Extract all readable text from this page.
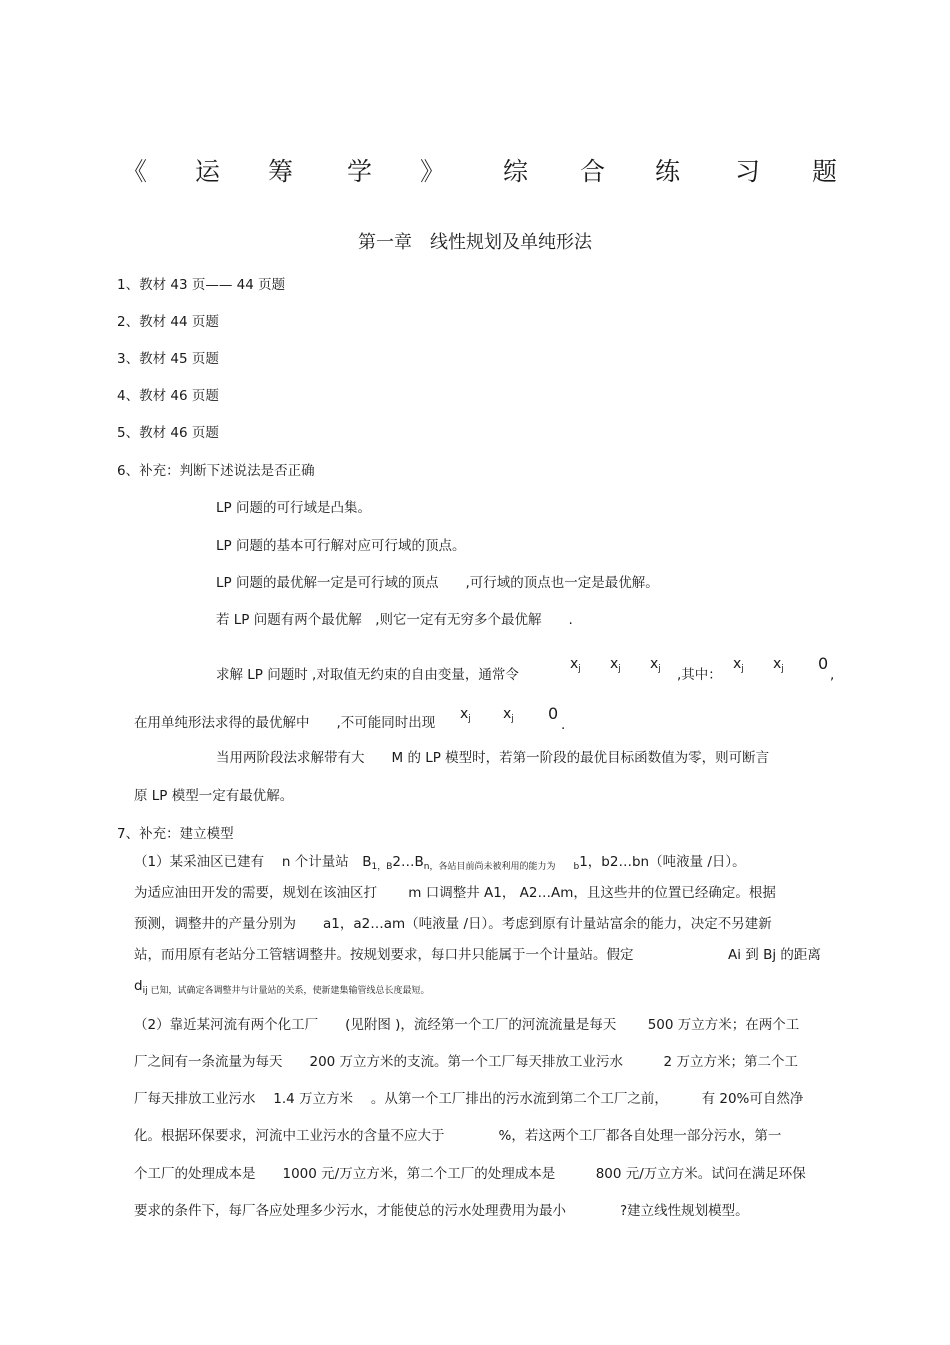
《 运 筹 学 》 综 合 练 习 题
第一章　线性规划及单纯形法
1、教材 43 页—— 44 页题
2、教材 44 页题
3、教材 45 页题
4、教材 46 页题
5、教材 46 页题
6、补充：判断下述说法是否正确
LP 问题的可行域是凸集。
LP 问题的基本可行解对应可行域的顶点。
LP 问题的最优解一定是可行域的顶点　　,可行域的顶点也一定是最优解。
若 LP 问题有两个最优解　,则它一定有无穷多个最优解　　.
求解 LP 问题时 ,对取值无约束的自由变量，通常令
$x_j$ $x_j$ $x_j$ ,其中：
$x_j$ $x_j$ 0
,
在用单纯形法求得的最优解中　　,不可能同时出现
$x_j$ $x_j$ 0
.
当用两阶段法求解带有大　　M 的 LP 模型时，若第一阶段的最优目标函数值为零，则可断言
原 LP 模型一定有最优解。
7、补充：建立模型
（1）某采油区已建有　 n 个计量站　$B_{1,B}2\dots B_{n,各站目前尚未被利用的能力为 b}1$，b2…bn（吨液量 /日）。
为适应油田开发的需要，规划在该油区打　　 m 口调整井 A1， A2…Am，且这些井的位置已经确定。根据
预测，调整井的产量分别为　　a1，a2…am（吨液量 /日）。考虑到原有计量站富余的能力，决定不另建新
站，而用原有老站分工管辖调整井。按规划要求，每口井只能属于一个计量站。假定	Ai 到 Bj 的距离
$d_{ij 已知,试确定各调整井与计量站的关系,使新建集输管线总长度最短。}$
（2）靠近某河流有两个化工厂　　(见附图 )，流经第一个工厂的河流流量是每天　　 500 万立方米；在两个工
厂之间有一条流量为每天　　200 万立方米的支流。第一个工厂每天排放工业污水　　　2 万立方米；第二个工
厂每天排放工业污水　 1.4 万立方米　 。从第一个工厂排出的污水流到第二个工厂之前，　　　有 20%可自然净
化。根据环保要求，河流中工业污水的含量不应大于　　　　%，若这两个工厂都各自处理一部分污水，第一
个工厂的处理成本是　　1000 元/万立方米，第二个工厂的处理成本是　　　800 元/万立方米。试问在满足环保
要求的条件下，每厂各应处理多少污水，才能使总的污水处理费用为最小　　　　?建立线性规划模型。
